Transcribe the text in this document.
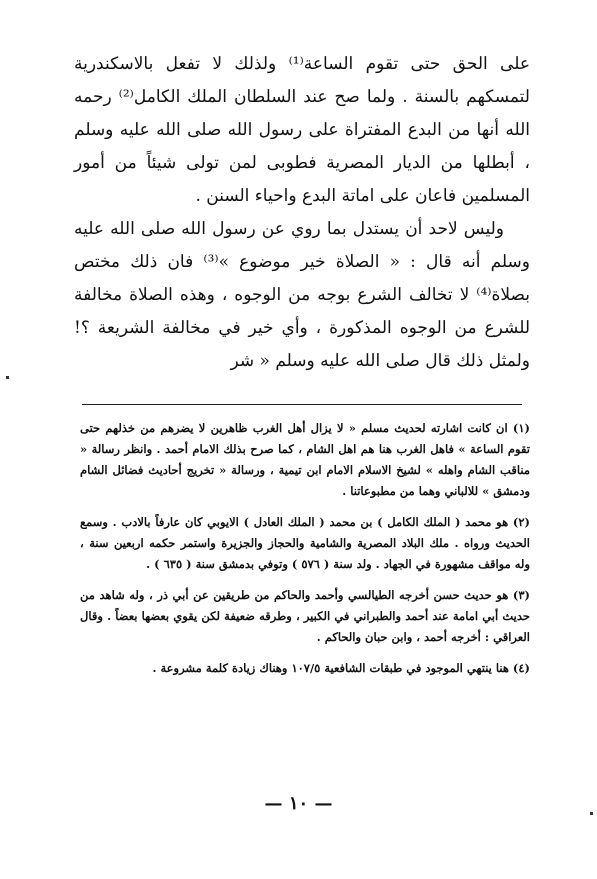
على الحق حتى تقوم الساعة⁽¹⁾ ولذلك لا تفعل بالاسكندرية لتمسكهم بالسنة . ولما صح عند السلطان الملك الكامل⁽²⁾ رحمه الله أنها من البدع المفتراة على رسول الله صلى الله عليه وسلم ، أبطلها من الديار المصرية فطوبى لمن تولى شيئاً من أمور المسلمين فاعان على اماتة البدع واحياء السنن .

وليس لاحد أن يستدل بما روي عن رسول الله صلى الله عليه وسلم أنه قال : « الصلاة خير موضوع »⁽³⁾ فان ذلك مختص بصلاة⁽⁴⁾ لا تخالف الشرع بوجه من الوجوه ، وهذه الصلاة مخالفة للشرع من الوجوه المذكورة ، وأي خير في مخالفة الشريعة ؟! ولمثل ذلك قال صلى الله عليه وسلم « شر

(١) ان كانت اشارته لحديث مسلم « لا يزال أهل الغرب ظاهرين لا يضرهم من خذلهم حتى تقوم الساعة » فاهل الغرب هنا هم اهل الشام ، كما صرح بذلك الامام أحمد . وانظر رسالة « مناقب الشام واهله » لشيخ الاسلام الامام ابن تيمية ، ورسالة « تخريج أحاديث فضائل الشام ودمشق » للالباني وهما من مطبوعاتنا .

(٢) هو محمد ( الملك الكامل ) بن محمد ( الملك العادل ) الايوبي كان عارفاً بالادب . وسمع الحديث ورواه . ملك البلاد المصرية والشامية والحجاز والجزيرة واستمر حكمه اربعين سنة ، وله مواقف مشهورة في الجهاد . ولد سنة ( ٥٧٦ ) وتوفي بدمشق سنة ( ٦٣٥ ) .

(٣) هو حديث حسن أخرجه الطيالسي وأحمد والحاكم من طريقين عن أبي ذر ، وله شاهد من حديث أبي امامة عند أحمد والطبراني في الكبير ، وطرقه ضعيفة لكن يقوي بعضها بعضاً . وقال العراقي : أخرجه أحمد ، وابن حبان والحاكم .

(٤) هنا ينتهي الموجود في طبقات الشافعية ١٠٧/٥ وهناك زيادة كلمة مشروعة .

— ١٠ —
